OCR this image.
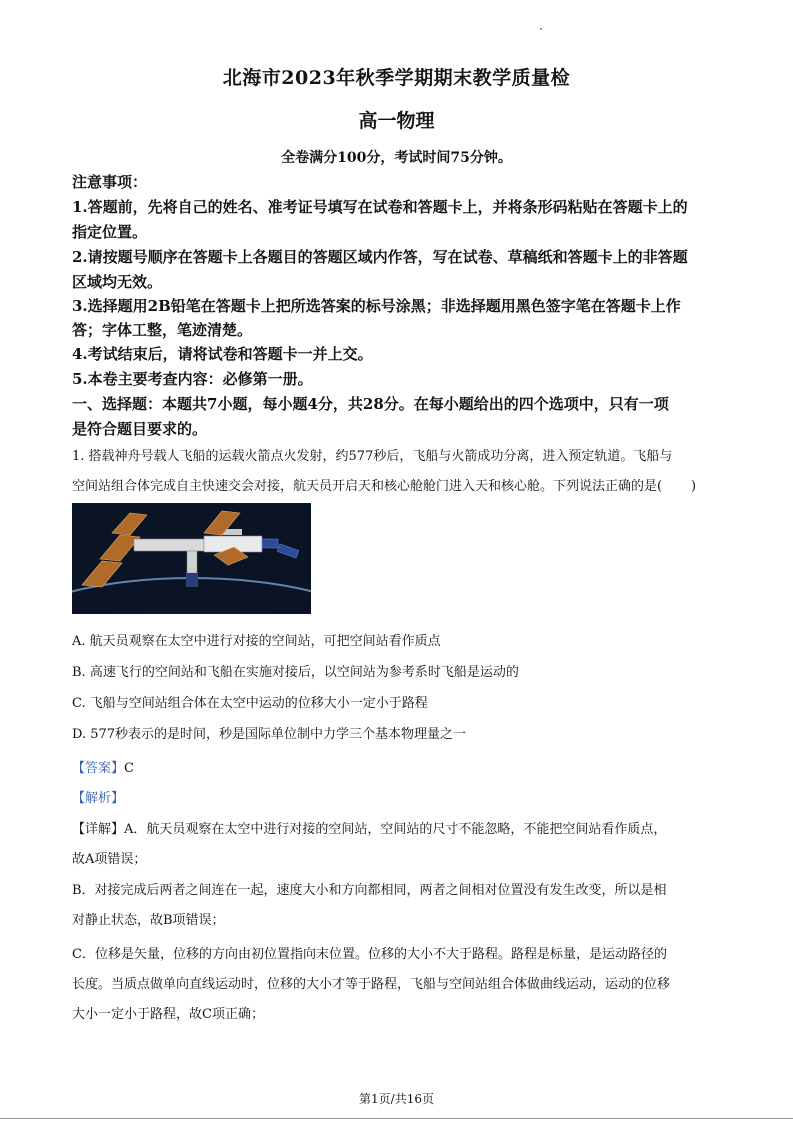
北海市2023年秋季学期期末教学质量检
高一物理
全卷满分100分，考试时间75分钟。
注意事项：
1.答题前，先将自己的姓名、准考证号填写在试卷和答题卡上，并将条形码粘贴在答题卡上的
指定位置。
2.请按题号顺序在答题卡上各题目的答题区域内作答，写在试卷、草稿纸和答题卡上的非答题
区域均无效。
3.选择题用2B铅笔在答题卡上把所选答案的标号涂黑；非选择题用黑色签字笔在答题卡上作
答；字体工整，笔迹清楚。
4.考试结束后，请将试卷和答题卡一并上交。
5.本卷主要考查内容：必修第一册。
一、选择题：本题共7小题，每小题4分，共28分。在每小题给出的四个选项中，只有一项
是符合题目要求的。
1. 搭载神舟号载人飞船的运载火箭点火发射，约577秒后，飞船与火箭成功分离，进入预定轨道。飞船与
空间站组合体完成自主快速交会对接，航天员开启天和核心舱舱门进入天和核心舱。下列说法正确的是( )
A. 航天员观察在太空中进行对接的空间站，可把空间站看作质点
B. 高速飞行的空间站和飞船在实施对接后，以空间站为参考系时飞船是运动的
C. 飞船与空间站组合体在太空中运动的位移大小一定小于路程
D. 577秒表示的是时间，秒是国际单位制中力学三个基本物理量之一
【答案】C
【解析】
【详解】A．航天员观察在太空中进行对接的空间站，空间站的尺寸不能忽略，不能把空间站看作质点，
故A项错误；
B．对接完成后两者之间连在一起，速度大小和方向都相同，两者之间相对位置没有发生改变，所以是相
对静止状态，故B项错误；
C．位移是矢量，位移的方向由初位置指向末位置。位移的大小不大于路程。路程是标量，是运动路径的
长度。当质点做单向直线运动时，位移的大小才等于路程，飞船与空间站组合体做曲线运动，运动的位移
大小一定小于路程，故C项正确；
第1页/共16页
